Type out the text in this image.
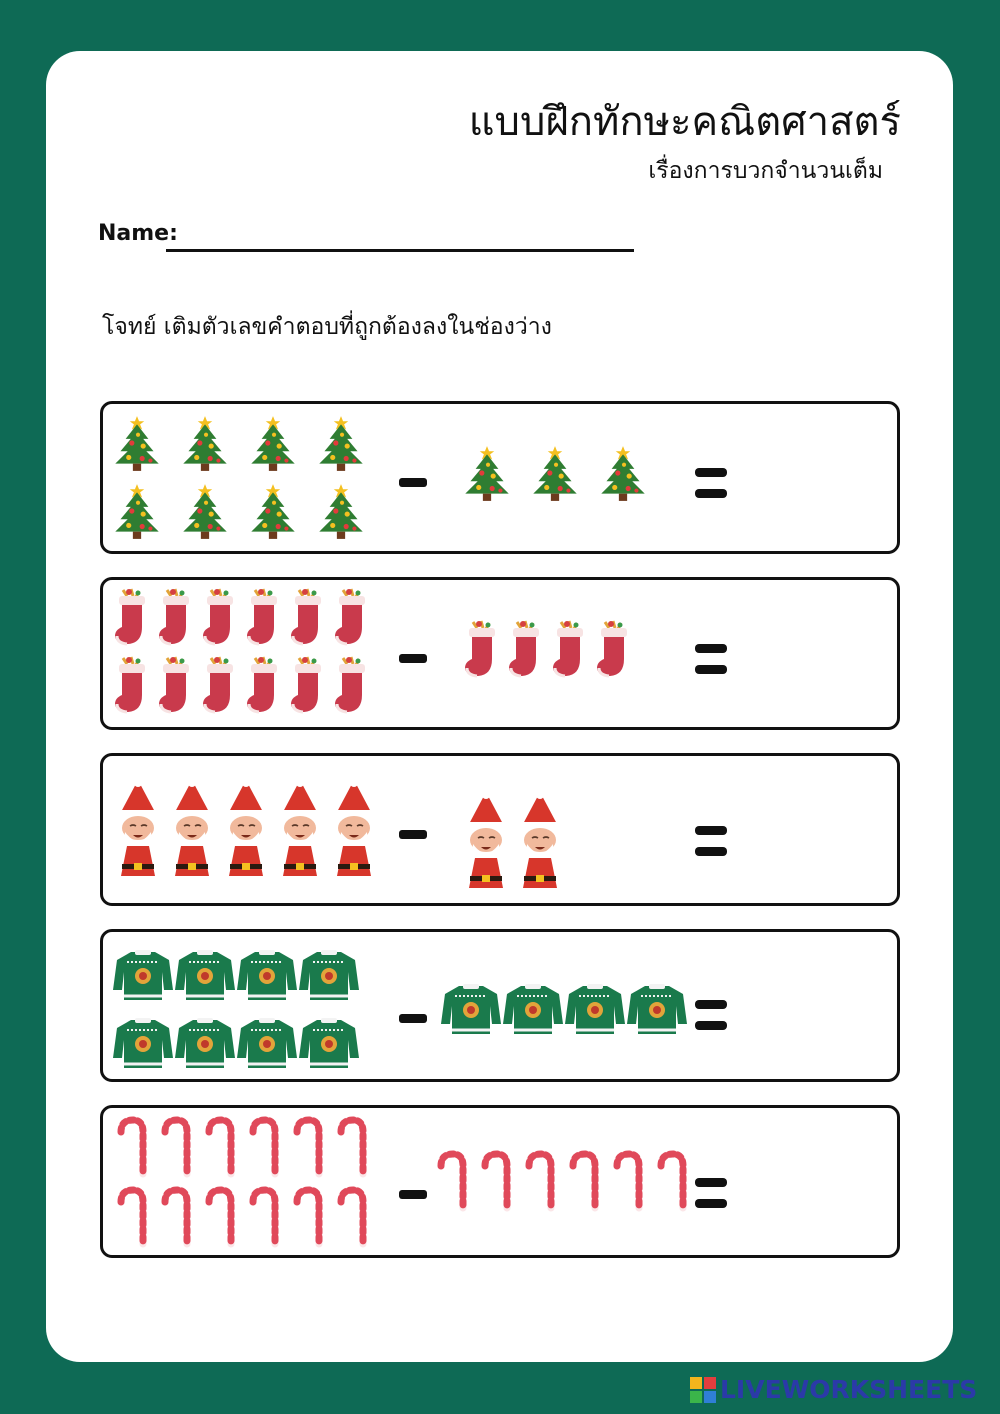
แบบฝึกทักษะคณิตศาสตร์
เรื่องการบวกจำนวนเต็ม
Name:
โจทย์ เติมตัวเลขคำตอบที่ถูกต้องลงในช่องว่าง
LIVEWORKSHEETS
